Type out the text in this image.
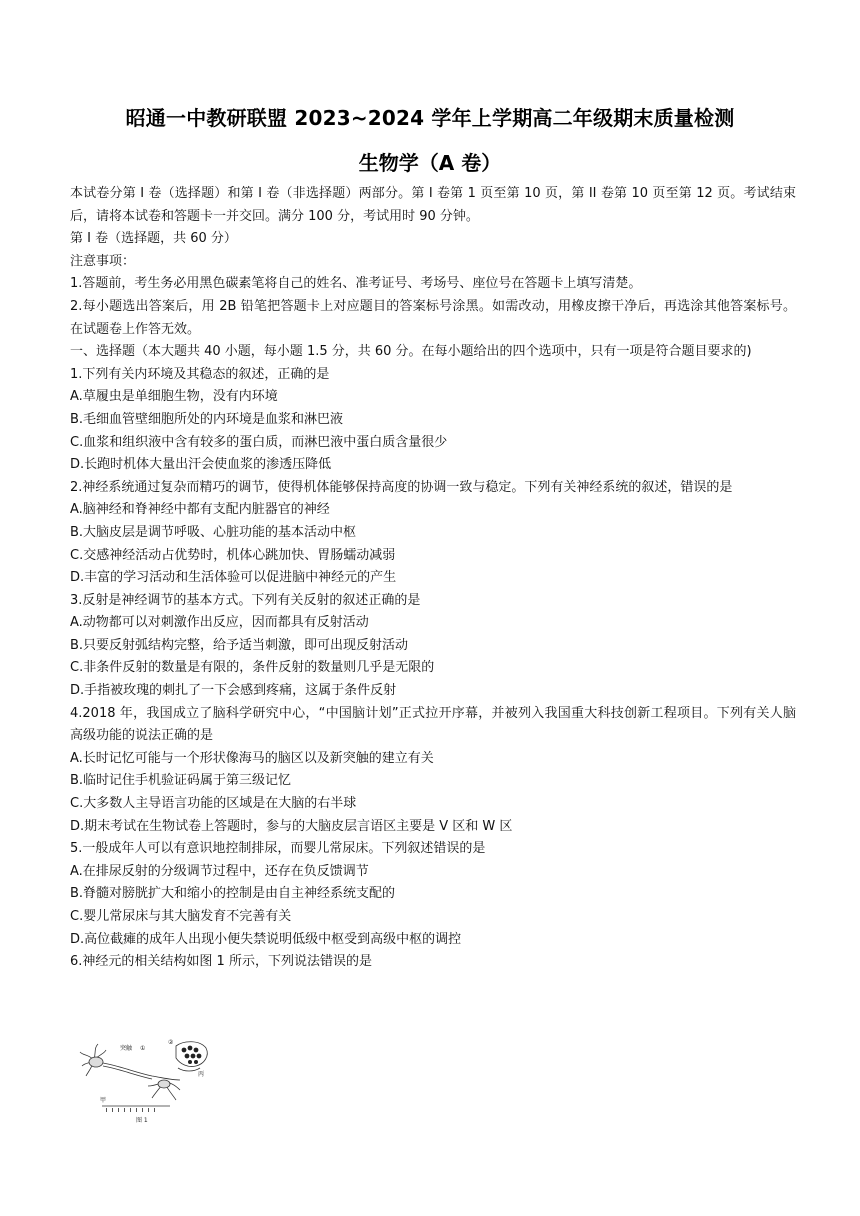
昭通一中教研联盟 2023~2024 学年上学期高二年级期末质量检测
生物学（A 卷）

本试卷分第 I 卷（选择题）和第 I 卷（非选择题）两部分。第 I 卷第 1 页至第 10 页，第 II 卷第 10 页至第 12 页。考试结束后，请将本试卷和答题卡一并交回。满分 100 分，考试用时 90 分钟。

第 I 卷（选择题，共 60 分）

注意事项：

1.答题前，考生务必用黑色碳素笔将自己的姓名、准考证号、考场号、座位号在答题卡上填写清楚。

2.每小题选出答案后，用 2B 铅笔把答题卡上对应题目的答案标号涂黑。如需改动，用橡皮擦干净后，再选涂其他答案标号。在试题卷上作答无效。

一、选择题（本大题共 40 小题，每小题 1.5 分，共 60 分。在每小题给出的四个选项中，只有一项是符合题目要求的)

1.下列有关内环境及其稳态的叙述，正确的是

A.草履虫是单细胞生物，没有内环境

B.毛细血管壁细胞所处的内环境是血浆和淋巴液

C.血浆和组织液中含有较多的蛋白质，而淋巴液中蛋白质含量很少

D.长跑时机体大量出汗会使血浆的渗透压降低

2.神经系统通过复杂而精巧的调节，使得机体能够保持高度的协调一致与稳定。下列有关神经系统的叙述，错误的是

A.脑神经和脊神经中都有支配内脏器官的神经

B.大脑皮层是调节呼吸、心脏功能的基本活动中枢

C.交感神经活动占优势时，机体心跳加快、胃肠蠕动减弱

D.丰富的学习活动和生活体验可以促进脑中神经元的产生

3.反射是神经调节的基本方式。下列有关反射的叙述正确的是

A.动物都可以对刺激作出反应，因而都具有反射活动

B.只要反射弧结构完整，给予适当刺激，即可出现反射活动

C.非条件反射的数量是有限的，条件反射的数量则几乎是无限的

D.手指被玫瑰的刺扎了一下会感到疼痛，这属于条件反射

4.2018 年，我国成立了脑科学研究中心，“中国脑计划”正式拉开序幕，并被列入我国重大科技创新工程项目。下列有关人脑高级功能的说法正确的是

A.长时记忆可能与一个形状像海马的脑区以及新突触的建立有关

B.临时记住手机验证码属于第三级记忆

C.大多数人主导语言功能的区域是在大脑的右半球

D.期末考试在生物试卷上答题时，参与的大脑皮层言语区主要是 V 区和 W 区

5.一般成年人可以有意识地控制排尿，而婴儿常尿床。下列叙述错误的是

A.在排尿反射的分级调节过程中，还存在负反馈调节

B.脊髓对膀胱扩大和缩小的控制是由自主神经系统支配的

C.婴儿常尿床与其大脑发育不完善有关

D.高位截瘫的成年人出现小便失禁说明低级中枢受到高级中枢的调控

6.神经元的相关结构如图 1 所示，下列说法错误的是

突触 ①
②
丙
甲
图 1
